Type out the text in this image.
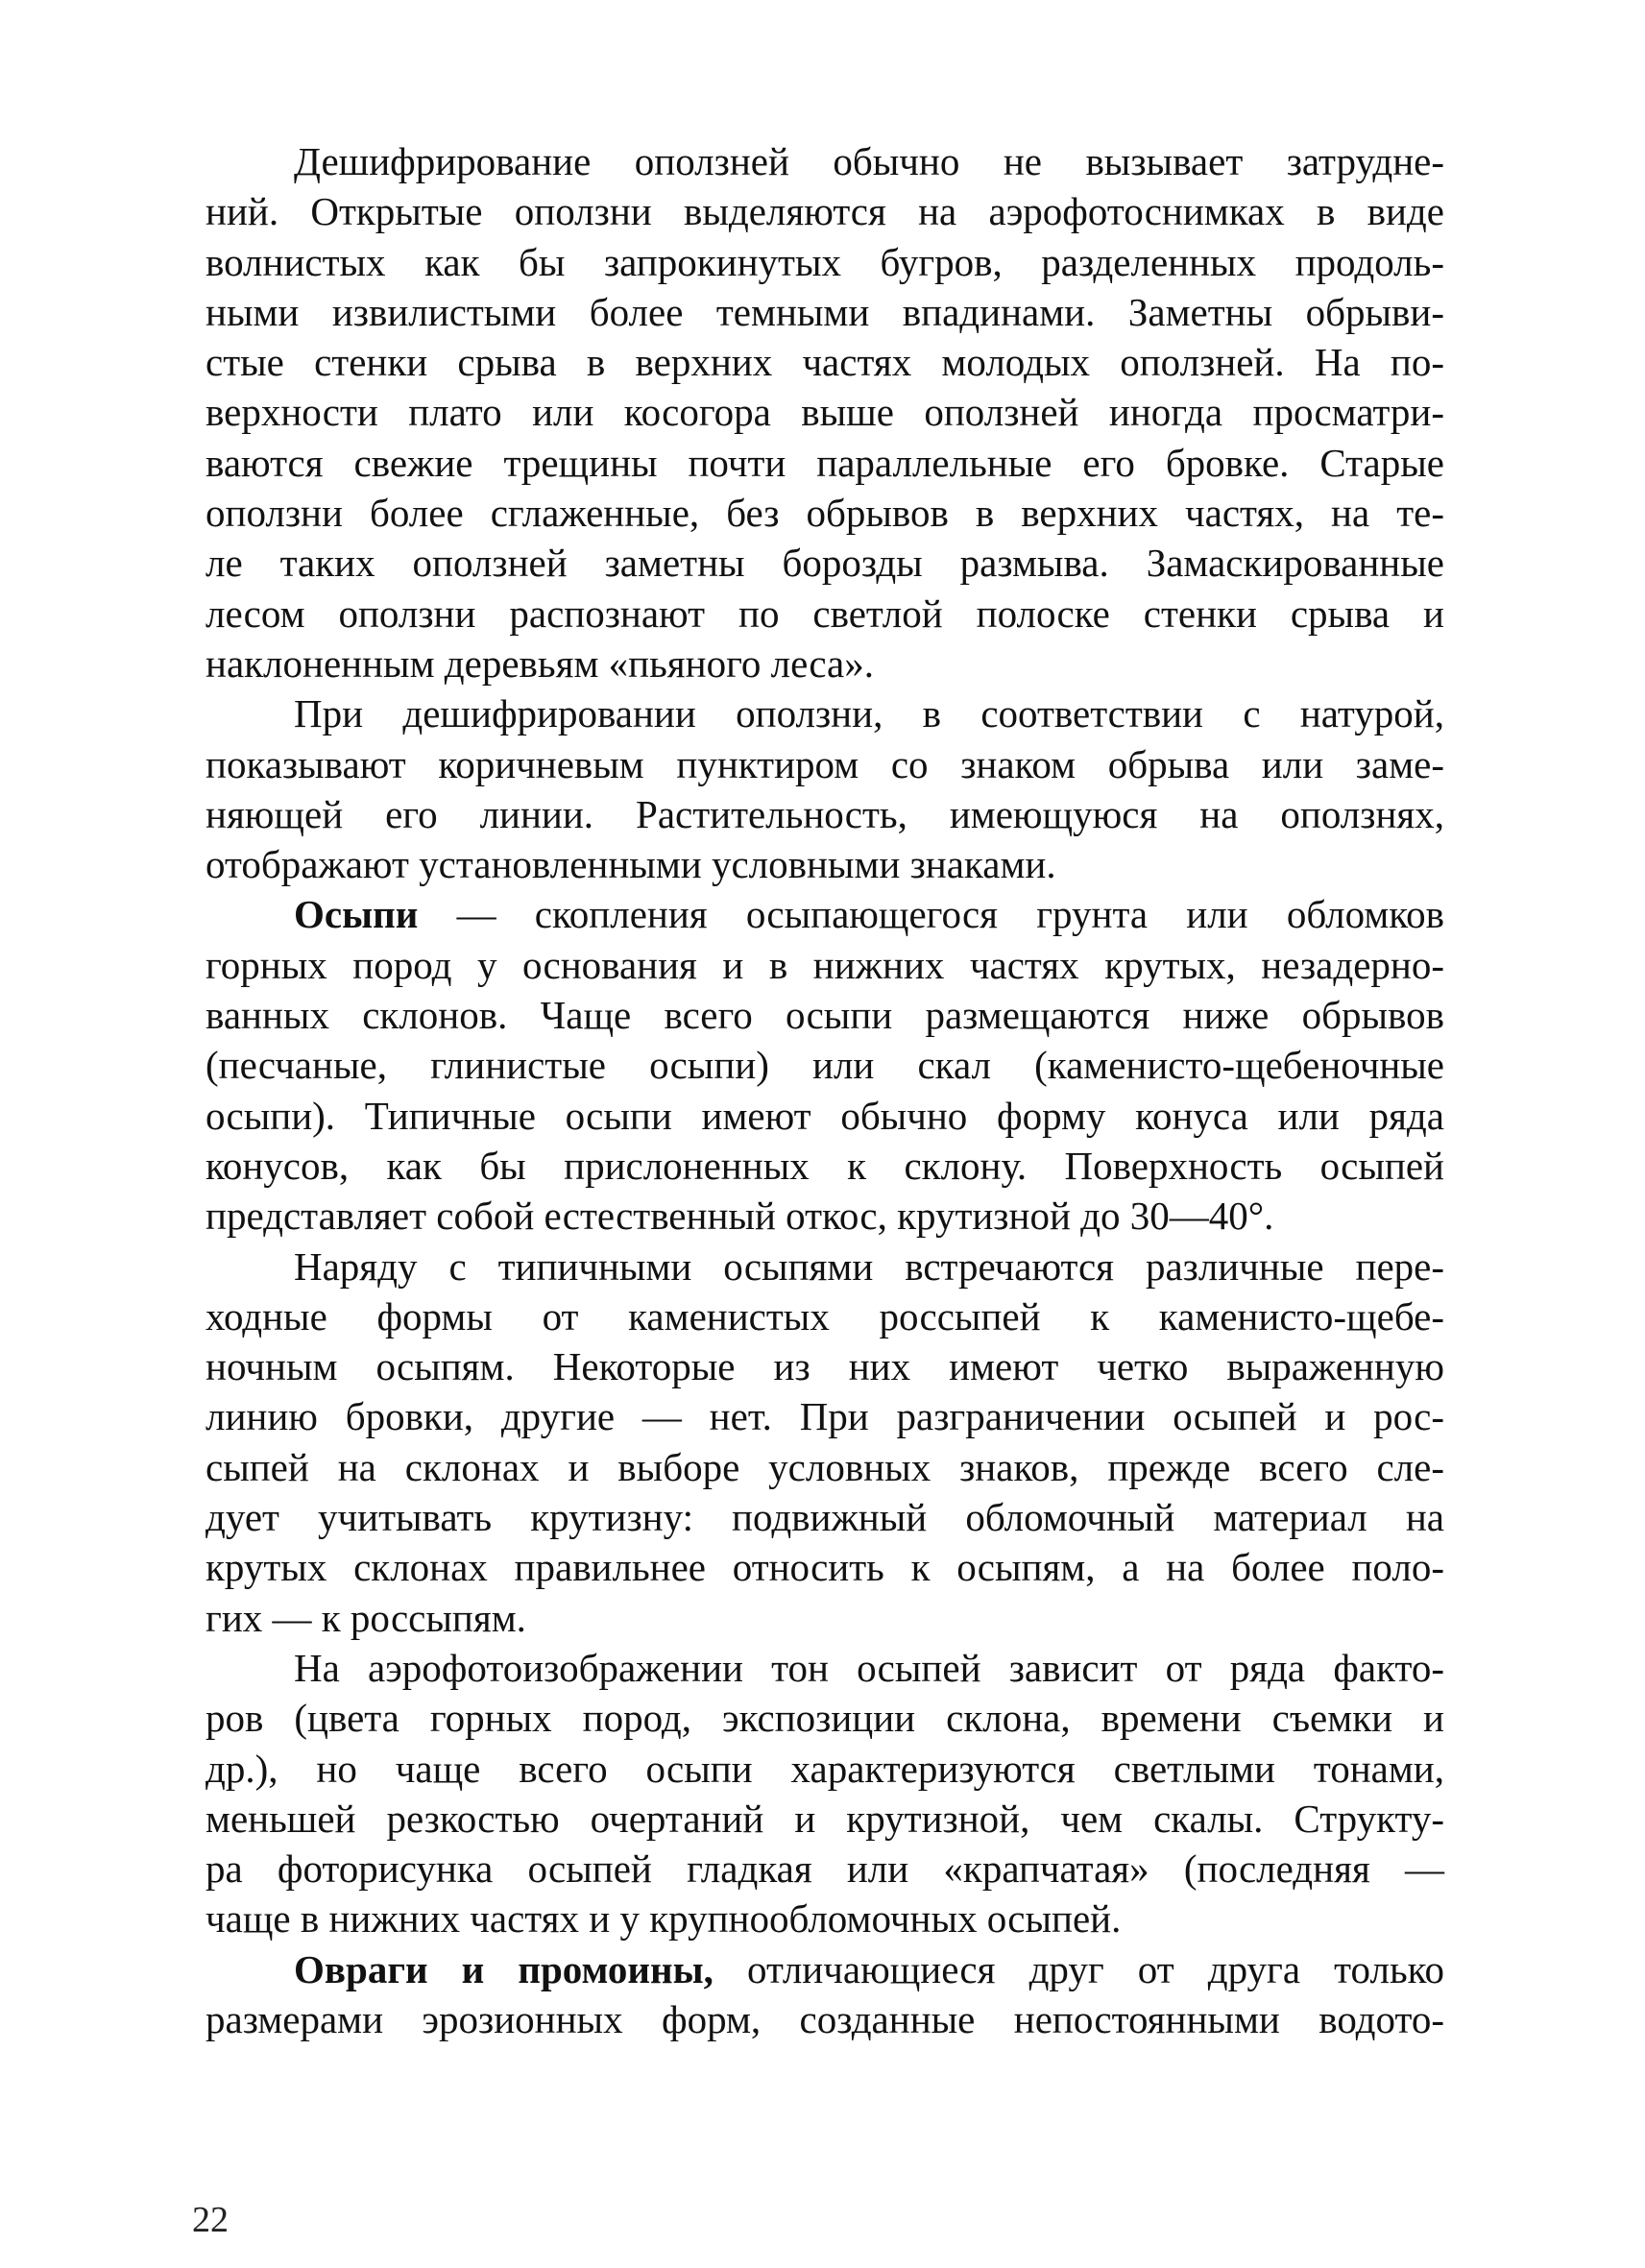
Дешифрирование оползней обычно не вызывает затрудне-
ний. Открытые оползни выделяются на аэрофотоснимках в виде
волнистых как бы запрокинутых бугров, разделенных продоль-
ными извилистыми более темными впадинами. Заметны обрыви-
стые стенки срыва в верхних частях молодых оползней. На по-
верхности плато или косогора выше оползней иногда просматри-
ваются свежие трещины почти параллельные его бровке. Старые
оползни более сглаженные, без обрывов в верхних частях, на те-
ле таких оползней заметны борозды размыва. Замаскированные
лесом оползни распознают по светлой полоске стенки срыва и
наклоненным деревьям «пьяного леса».
При дешифрировании оползни, в соответствии с натурой,
показывают коричневым пунктиром со знаком обрыва или заме-
няющей его линии. Растительность, имеющуюся на оползнях,
отображают установленными условными знаками.
Осыпи — скопления осыпающегося грунта или обломков
горных пород у основания и в нижних частях крутых, незадерно-
ванных склонов. Чаще всего осыпи размещаются ниже обрывов
(песчаные, глинистые осыпи) или скал (каменисто-щебеночные
осыпи). Типичные осыпи имеют обычно форму конуса или ряда
конусов, как бы прислоненных к склону. Поверхность осыпей
представляет собой естественный откос, крутизной до 30—40°.
Наряду с типичными осыпями встречаются различные пере-
ходные формы от каменистых россыпей к каменисто-щебе-
ночным осыпям. Некоторые из них имеют четко выраженную
линию бровки, другие — нет. При разграничении осыпей и рос-
сыпей на склонах и выборе условных знаков, прежде всего сле-
дует учитывать крутизну: подвижный обломочный материал на
крутых склонах правильнее относить к осыпям, а на более поло-
гих — к россыпям.
На аэрофотоизображении тон осыпей зависит от ряда факто-
ров (цвета горных пород, экспозиции склона, времени съемки и
др.), но чаще всего осыпи характеризуются светлыми тонами,
меньшей резкостью очертаний и крутизной, чем скалы. Структу-
ра фоторисунка осыпей гладкая или «крапчатая» (последняя —
чаще в нижних частях и у крупнообломочных осыпей.
Овраги и промоины, отличающиеся друг от друга только
размерами эрозионных форм, созданные непостоянными водото-
22
